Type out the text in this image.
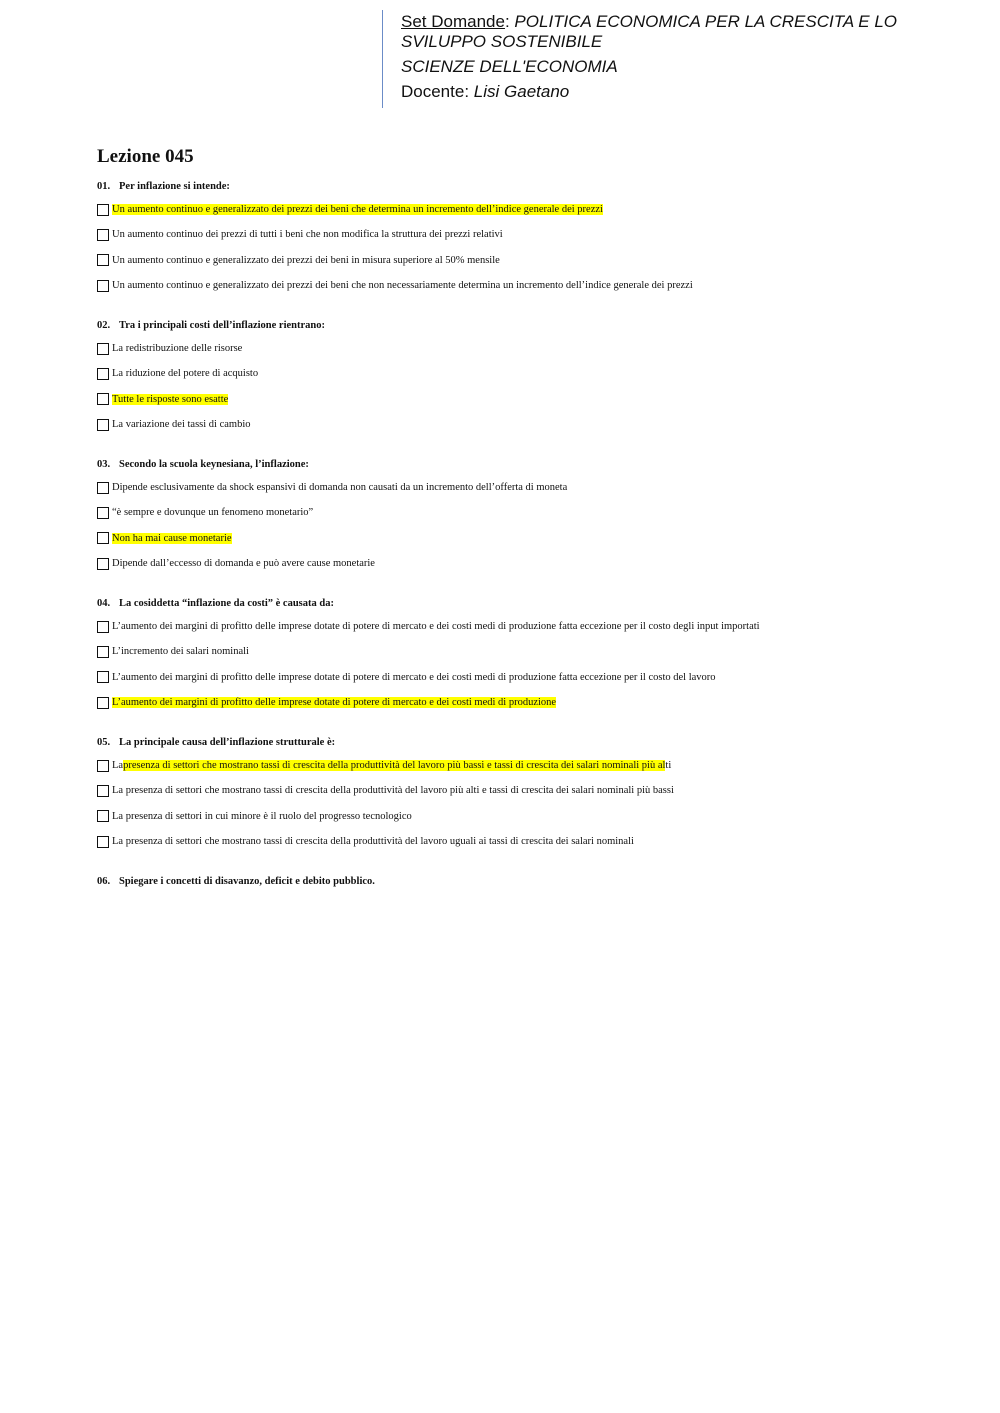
Set Domande: POLITICA ECONOMICA PER LA CRESCITA E LO
SVILUPPO SOSTENIBILE
SCIENZE DELL'ECONOMIA
Docente: Lisi Gaetano
Lezione 045
01. Per inflazione si intende:
Un aumento continuo e generalizzato dei prezzi dei beni che determina un incremento dell’indice generale dei prezzi
Un aumento continuo dei prezzi di tutti i beni che non modifica la struttura dei prezzi relativi
Un aumento continuo e generalizzato dei prezzi dei beni in misura superiore al 50% mensile
Un aumento continuo e generalizzato dei prezzi dei beni che non necessariamente determina un incremento dell’indice generale dei prezzi
02. Tra i principali costi dell’inflazione rientrano:
La redistribuzione delle risorse
La riduzione del potere di acquisto
Tutte le risposte sono esatte
La variazione dei tassi di cambio
03. Secondo la scuola keynesiana, l’inflazione:
Dipende esclusivamente da shock espansivi di domanda non causati da un incremento dell’offerta di moneta
“è sempre e dovunque un fenomeno monetario”
Non ha mai cause monetarie
Dipende dall’eccesso di domanda e può avere cause monetarie
04. La cosiddetta “inflazione da costi” è causata da:
L’aumento dei margini di profitto delle imprese dotate di potere di mercato e dei costi medi di produzione fatta eccezione per il costo degli input importati
L’incremento dei salari nominali
L’aumento dei margini di profitto delle imprese dotate di potere di mercato e dei costi medi di produzione fatta eccezione per il costo del lavoro
L’aumento dei margini di profitto delle imprese dotate di potere di mercato e dei costi medi di produzione
05. La principale causa dell’inflazione strutturale è:
La presenza di settori che mostrano tassi di crescita della produttività del lavoro più bassi e tassi di crescita dei salari nominali più al ti
La presenza di settori che mostrano tassi di crescita della produttività del lavoro più alti e tassi di crescita dei salari nominali più bassi
La presenza di settori in cui minore è il ruolo del progresso tecnologico
La presenza di settori che mostrano tassi di crescita della produttività del lavoro uguali ai tassi di crescita dei salari nominali
06. Spiegare i concetti di disavanzo, deficit e debito pubblico.
